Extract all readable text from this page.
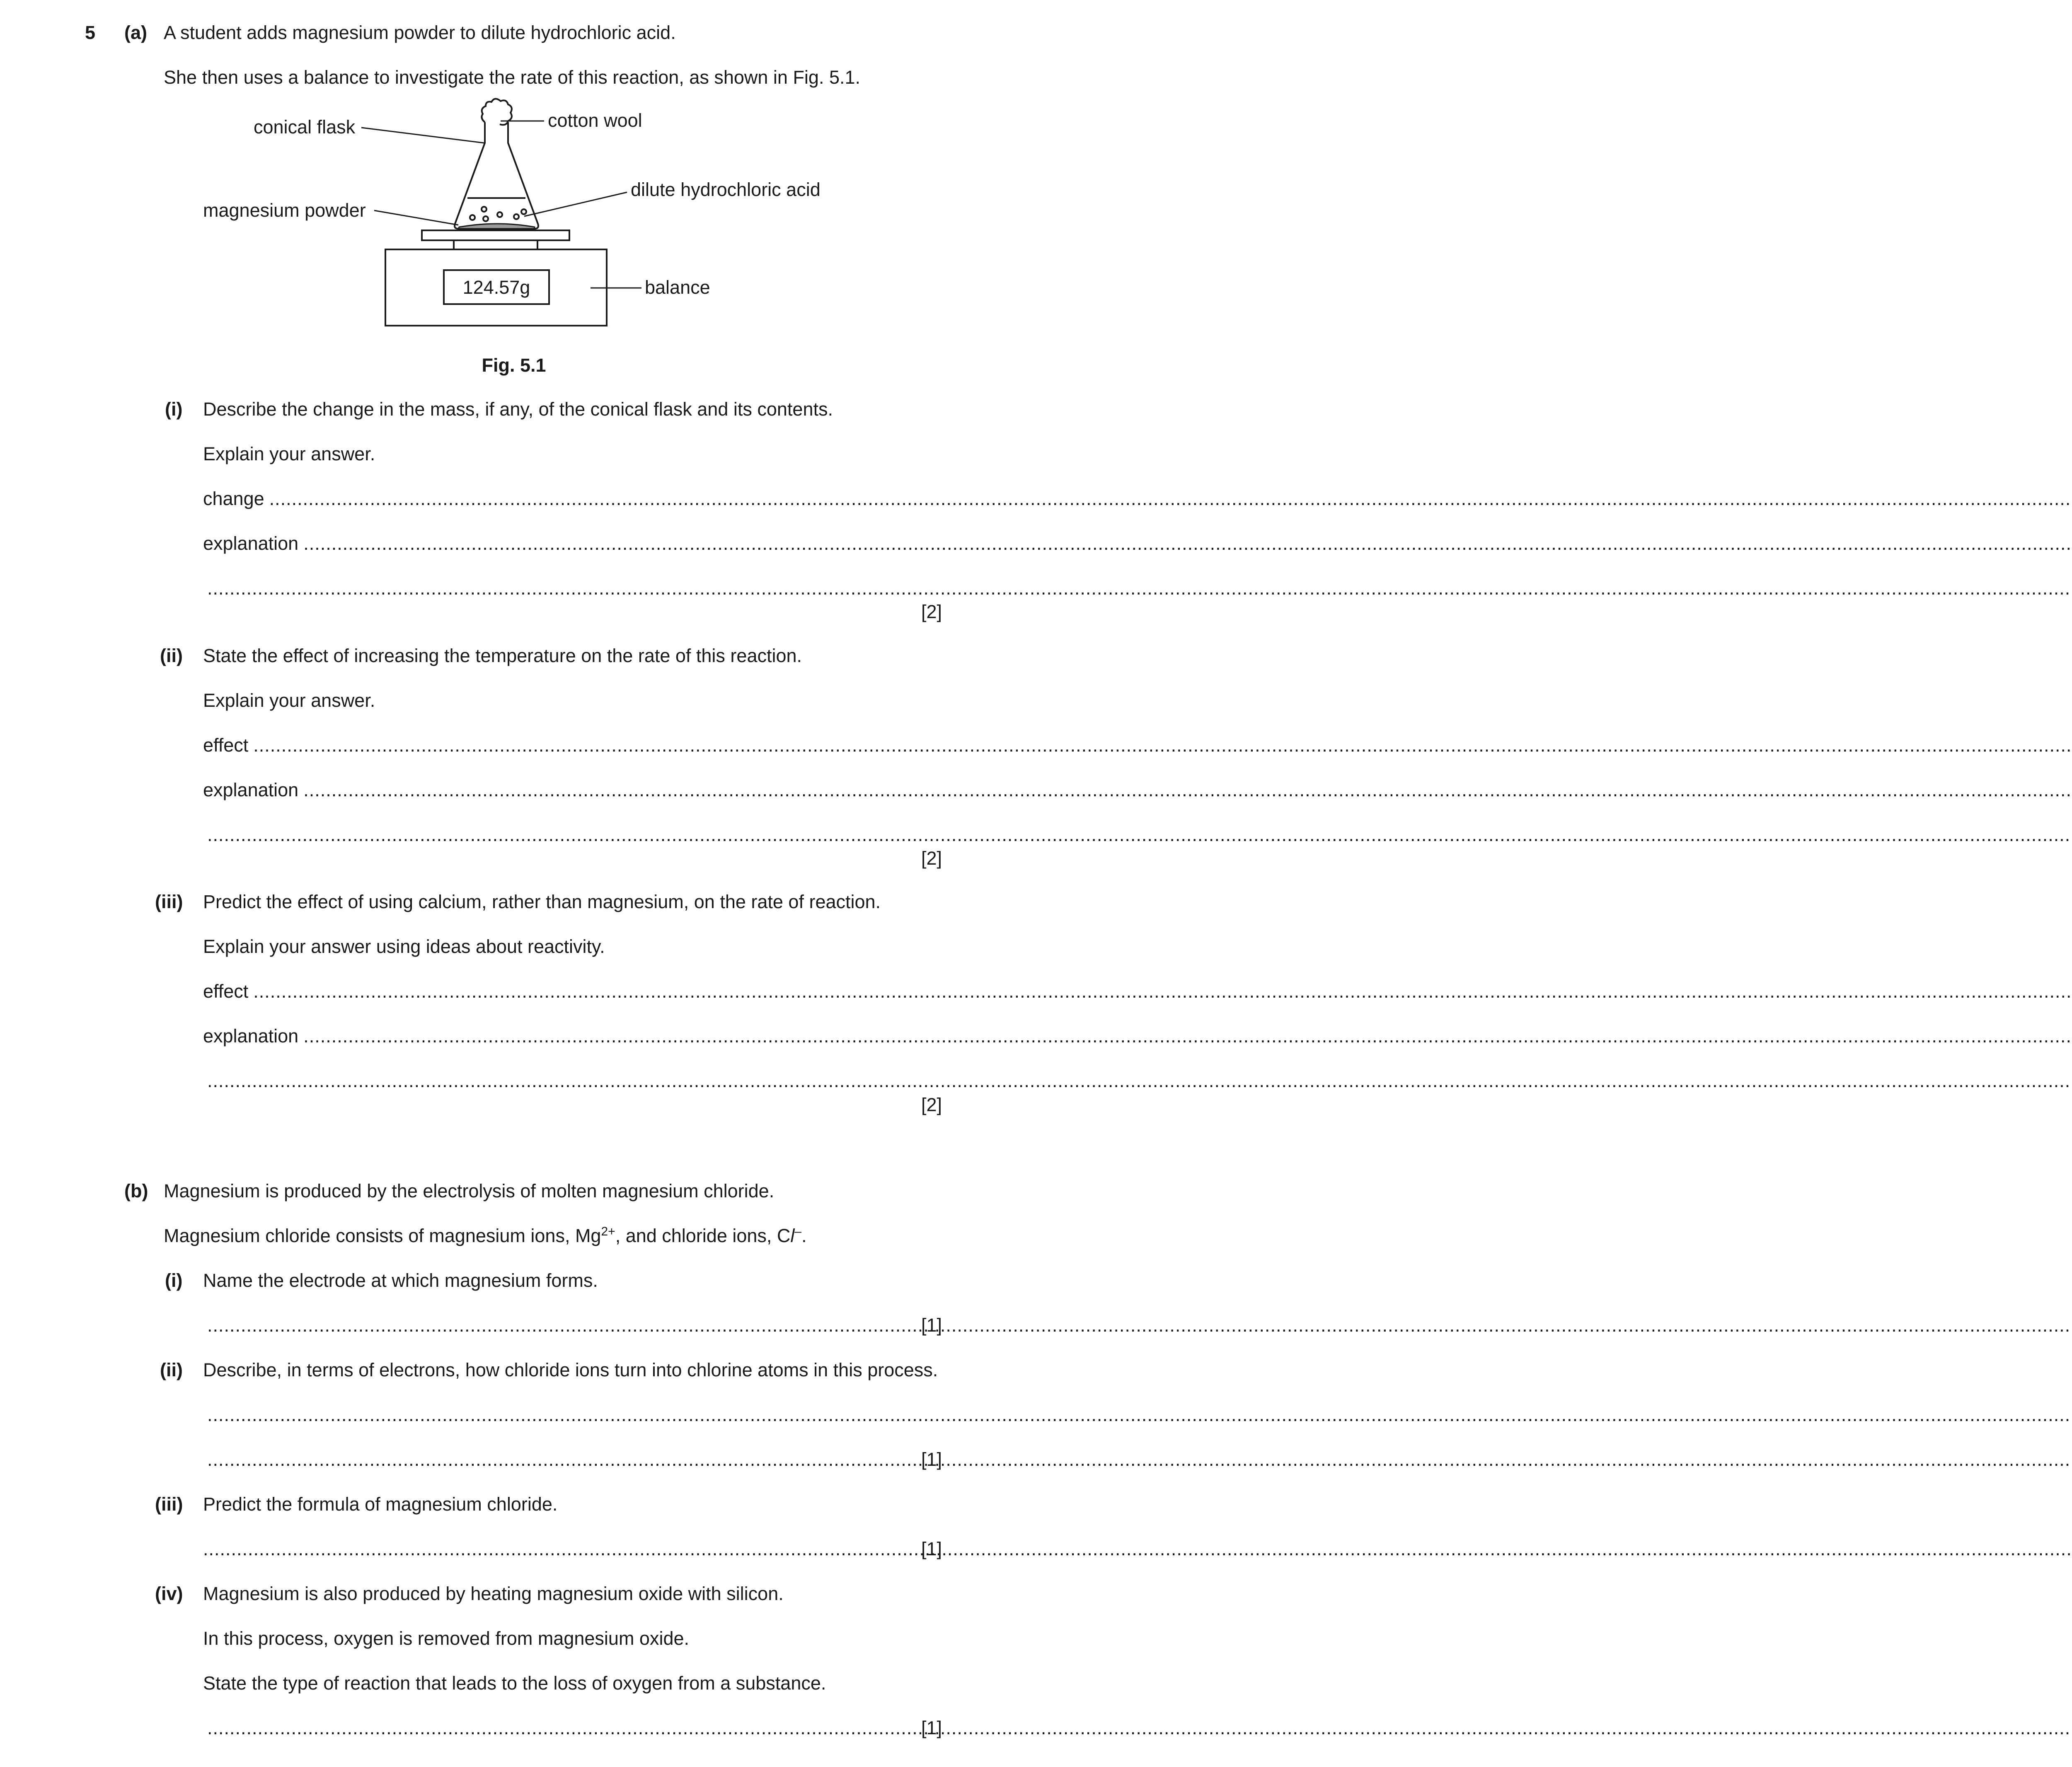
5 (a) A student adds magnesium powder to dilute hydrochloric acid.
She then uses a balance to investigate the rate of this reaction, as shown in Fig. 5.1.
124.57g
conical flask	cotton wool
magnesium powder
dilute hydrochloric acid
balance
Fig. 5.1
(i) Describe the change in the mass, if any, of the conical flask and its contents.
Explain your answer.
change
.....
explanation
.....
.....
[2]
(ii) State the effect of increasing the temperature on the rate of this reaction.
Explain your answer.
effect
.....
explanation
.....
.....
[2]
(iii) Predict the effect of using calcium, rather than magnesium, on the rate of reaction.
Explain your answer using ideas about reactivity.
effect
.....
explanation
.....
.....
[2]
(b) Magnesium is produced by the electrolysis of molten magnesium chloride.
Magnesium chloride consists of magnesium ions, $Mg^{2+}$, and chloride ions, Cl–.
(i) Name the electrode at which magnesium forms.
.....
[1]
(ii) Describe, in terms of electrons, how chloride ions turn into chlorine atoms in this process.
.....
.....
[1]
(iii) Predict the formula of magnesium chloride.
.....
[1]
(iv) Magnesium is also produced by heating magnesium oxide with silicon.
In this process, oxygen is removed from magnesium oxide.
State the type of reaction that leads to the loss of oxygen from a substance.
.....
[1]
